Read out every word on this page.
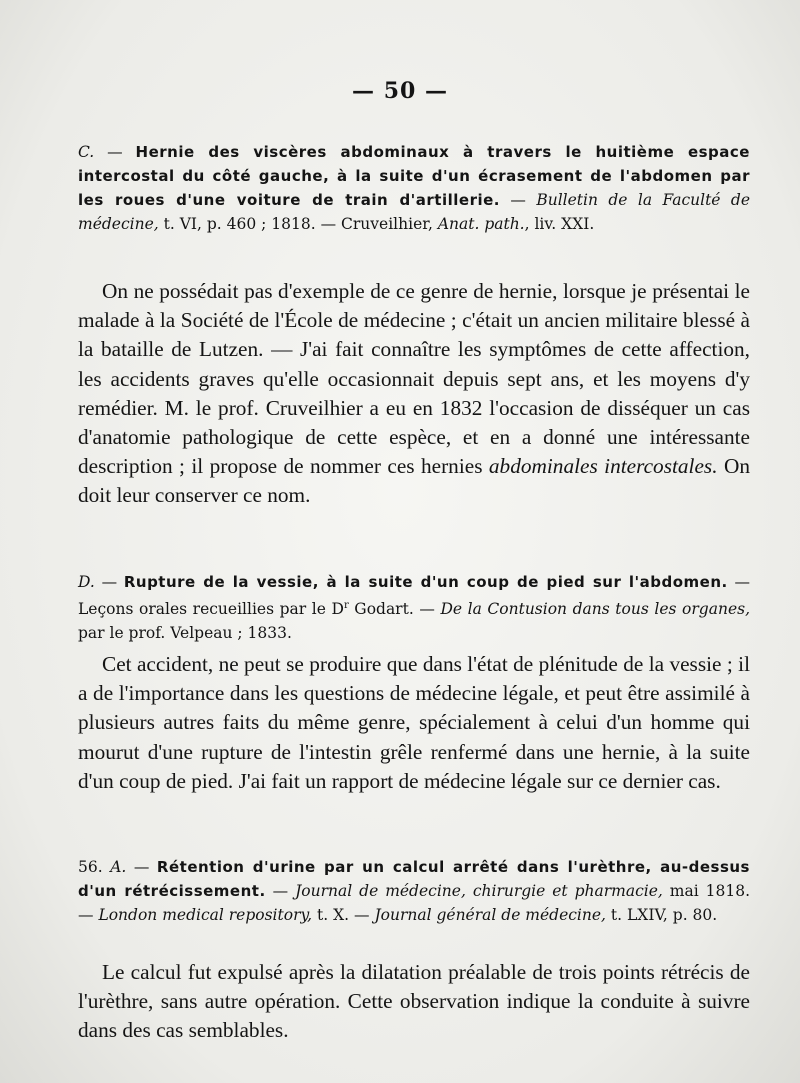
— 50 —
C. — Hernie des viscères abdominaux à travers le huitième espace intercostal du côté gauche, à la suite d'un écrasement de l'abdomen par les roues d'une voiture de train d'artillerie. — Bulletin de la Faculté de médecine, t. VI, p. 460 ; 1818. — Cruveilhier, Anat. path., liv. XXI.

On ne possédait pas d'exemple de ce genre de hernie, lorsque je présentai le malade à la Société de l'École de médecine ; c'était un ancien militaire blessé à la bataille de Lutzen. — J'ai fait connaître les symptômes de cette affection, les accidents graves qu'elle occasionnait depuis sept ans, et les moyens d'y remédier. M. le prof. Cruveilhier a eu en 1832 l'occasion de disséquer un cas d'anatomie pathologique de cette espèce, et en a donné une intéressante description ; il propose de nommer ces hernies abdominales intercostales. On doit leur conserver ce nom.

D. — Rupture de la vessie, à la suite d'un coup de pied sur l'abdomen. — Leçons orales recueillies par le $D^r$ Godart. — De la Contusion dans tous les organes, par le prof. Velpeau ; 1833.

Cet accident, ne peut se produire que dans l'état de plénitude de la vessie ; il a de l'importance dans les questions de médecine légale, et peut être assimilé à plusieurs autres faits du même genre, spécialement à celui d'un homme qui mourut d'une rupture de l'intestin grêle renfermé dans une hernie, à la suite d'un coup de pied. J'ai fait un rapport de médecine légale sur ce dernier cas.

56. A. — Rétention d'urine par un calcul arrêté dans l'urèthre, au-dessus d'un rétrécissement. — Journal de médecine, chirurgie et pharmacie, mai 1818. — London medical repository, t. X. — Journal général de médecine, t. LXIV, p. 80.

Le calcul fut expulsé après la dilatation préalable de trois points rétrécis de l'urèthre, sans autre opération. Cette observation indique la conduite à suivre dans des cas semblables.
